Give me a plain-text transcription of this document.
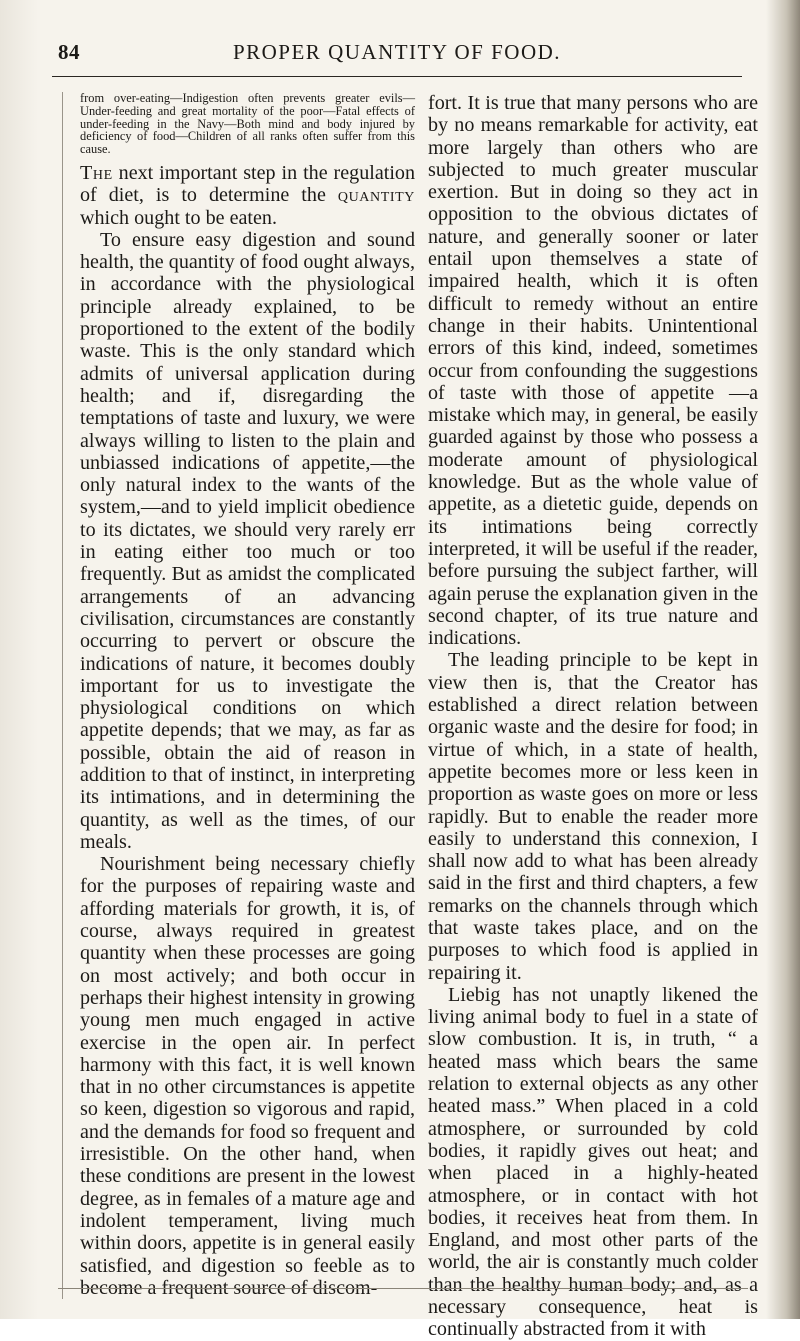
84	PROPER QUANTITY OF FOOD.

from over-eating—Indigestion often prevents greater evils—Under-feeding and great mortality of the poor—Fatal effects of under-feeding in the Navy—Both mind and body injured by deficiency of food—Children of all ranks often suffer from this cause.

The next important step in the regulation of diet, is to determine the quantity which ought to be eaten.

To ensure easy digestion and sound health, the quantity of food ought always, in accordance with the physiological principle already explained, to be proportioned to the extent of the bodily waste. This is the only standard which admits of universal application during health; and if, disregarding the temptations of taste and luxury, we were always willing to listen to the plain and unbiassed indications of appetite,—the only natural index to the wants of the system,—and to yield implicit obedience to its dictates, we should very rarely err in eating either too much or too frequently. But as amidst the complicated arrangements of an advancing civilisation, circumstances are constantly occurring to pervert or obscure the indications of nature, it becomes doubly important for us to investigate the physiological conditions on which appetite depends; that we may, as far as possible, obtain the aid of reason in addition to that of instinct, in interpreting its intimations, and in determining the quantity, as well as the times, of our meals.

Nourishment being necessary chiefly for the purposes of repairing waste and affording materials for growth, it is, of course, always required in greatest quantity when these processes are going on most actively; and both occur in perhaps their highest intensity in growing young men much engaged in active exercise in the open air. In perfect harmony with this fact, it is well known that in no other circumstances is appetite so keen, digestion so vigorous and rapid, and the demands for food so frequent and irresistible. On the other hand, when these conditions are present in the lowest degree, as in females of a mature age and indolent temperament, living much within doors, appetite is in general easily satisfied, and digestion so feeble as to become a frequent source of discom-

fort. It is true that many persons who are by no means remarkable for activity, eat more largely than others who are subjected to much greater muscular exertion. But in doing so they act in opposition to the obvious dictates of nature, and generally sooner or later entail upon themselves a state of impaired health, which it is often difficult to remedy without an entire change in their habits. Unintentional errors of this kind, indeed, sometimes occur from confounding the suggestions of taste with those of appetite —a mistake which may, in general, be easily guarded against by those who possess a moderate amount of physiological knowledge. But as the whole value of appetite, as a dietetic guide, depends on its intimations being correctly interpreted, it will be useful if the reader, before pursuing the subject farther, will again peruse the explanation given in the second chapter, of its true nature and indications.

The leading principle to be kept in view then is, that the Creator has established a direct relation between organic waste and the desire for food; in virtue of which, in a state of health, appetite becomes more or less keen in proportion as waste goes on more or less rapidly. But to enable the reader more easily to understand this connexion, I shall now add to what has been already said in the first and third chapters, a few remarks on the channels through which that waste takes place, and on the purposes to which food is applied in repairing it.

Liebig has not unaptly likened the living animal body to fuel in a state of slow combustion. It is, in truth, “ a heated mass which bears the same relation to external objects as any other heated mass.” When placed in a cold atmosphere, or surrounded by cold bodies, it rapidly gives out heat; and when placed in a highly-heated atmosphere, or in contact with hot bodies, it receives heat from them. In England, and most other parts of the world, the air is constantly much colder than the healthy human body; and, as a necessary consequence, heat is continually abstracted from it with
